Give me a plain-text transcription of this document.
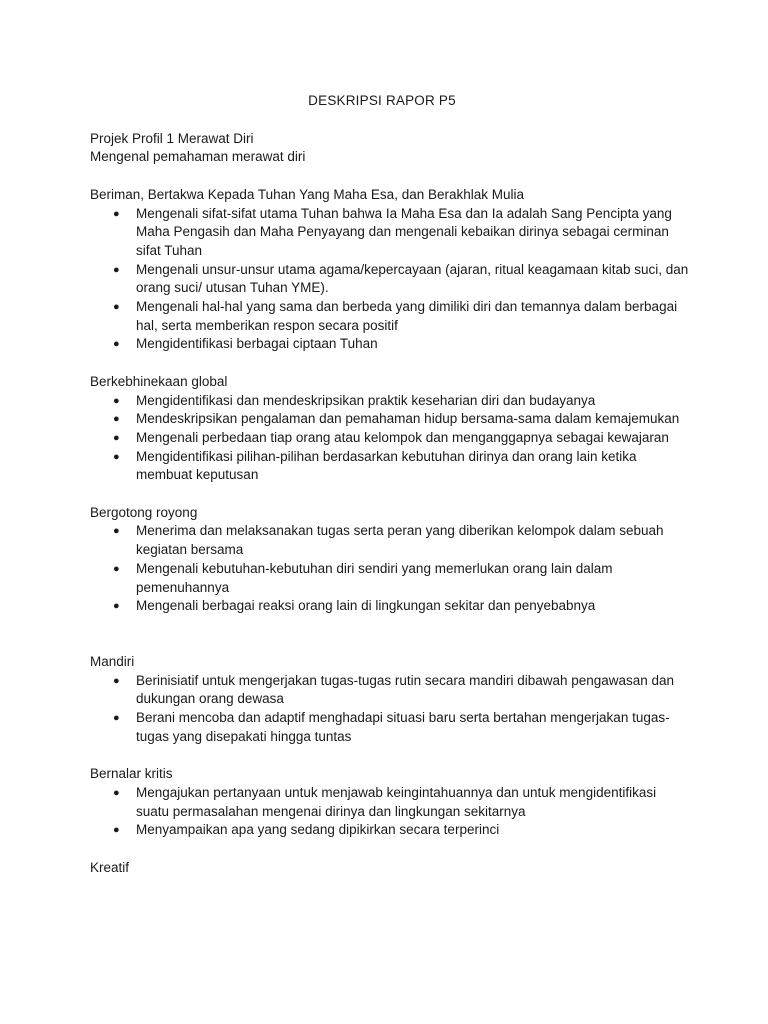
DESKRIPSI RAPOR P5

Projek Profil 1 Merawat Diri

Mengenal pemahaman merawat diri

Beriman, Bertakwa Kepada Tuhan Yang Maha Esa, dan Berakhlak Mulia

● Mengenali sifat-sifat utama Tuhan bahwa Ia Maha Esa dan Ia adalah Sang Pencipta yang Maha Pengasih dan Maha Penyayang dan mengenali kebaikan dirinya sebagai cerminan sifat Tuhan
● Mengenali unsur-unsur utama agama/kepercayaan (ajaran, ritual keagamaan kitab suci, dan orang suci/ utusan Tuhan YME).
● Mengenali hal-hal yang sama dan berbeda yang dimiliki diri dan temannya dalam berbagai hal, serta memberikan respon secara positif
● Mengidentifikasi berbagai ciptaan Tuhan

Berkebhinekaan global

● Mengidentifikasi dan mendeskripsikan praktik keseharian diri dan budayanya
● Mendeskripsikan pengalaman dan pemahaman hidup bersama-sama dalam kemajemukan
● Mengenali perbedaan tiap orang atau kelompok dan menganggapnya sebagai kewajaran
● Mengidentifikasi pilihan-pilihan berdasarkan kebutuhan dirinya dan orang lain ketika membuat keputusan

Bergotong royong

● Menerima dan melaksanakan tugas serta peran yang diberikan kelompok dalam sebuah kegiatan bersama
● Mengenali kebutuhan-kebutuhan diri sendiri yang memerlukan orang lain dalam pemenuhannya
● Mengenali berbagai reaksi orang lain di lingkungan sekitar dan penyebabnya

Mandiri

● Berinisiatif untuk mengerjakan tugas-tugas rutin secara mandiri dibawah pengawasan dan dukungan orang dewasa
● Berani mencoba dan adaptif menghadapi situasi baru serta bertahan mengerjakan tugas-tugas yang disepakati hingga tuntas

Bernalar kritis

● Mengajukan pertanyaan untuk menjawab keingintahuannya dan untuk mengidentifikasi suatu permasalahan mengenai dirinya dan lingkungan sekitarnya
● Menyampaikan apa yang sedang dipikirkan secara terperinci

Kreatif
